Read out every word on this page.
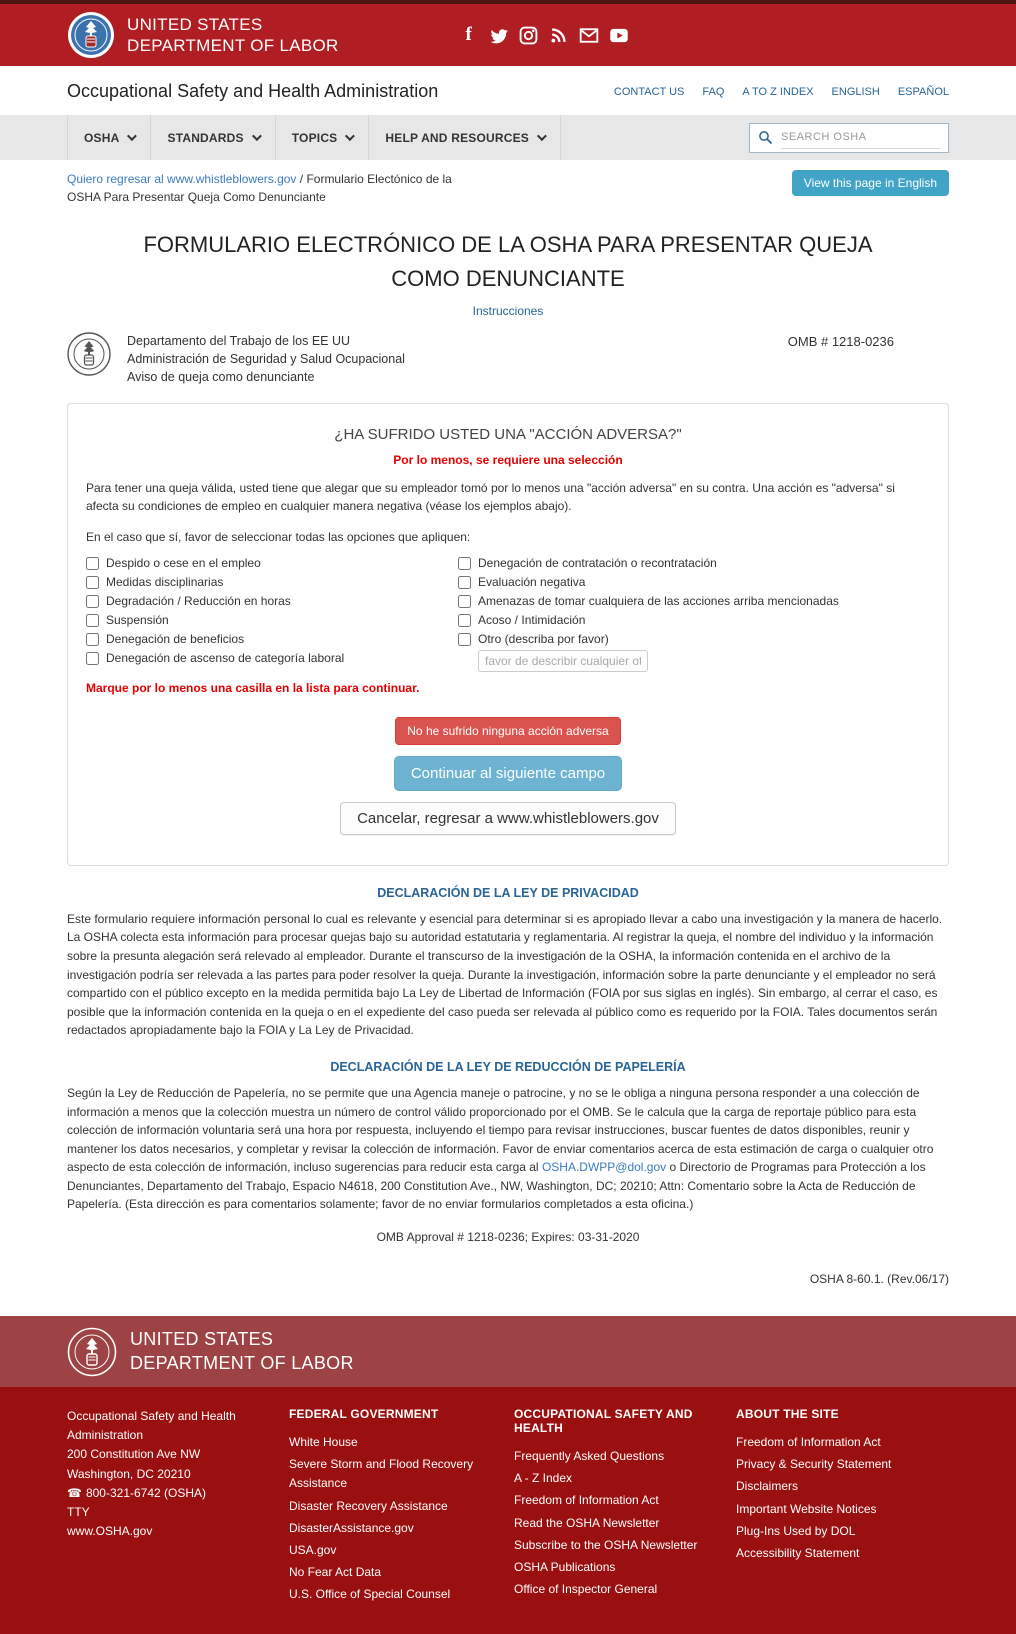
UNITED STATES
DEPARTMENT OF LABOR
f
Occupational Safety and Health Administration	CONTACT US FAQ A TO Z INDEX ENGLISH ESPAÑOL
OSHA	STANDARDS	TOPICS	HELP AND RESOURCES
SEARCH OSHA
Quiero regresar al www.whistleblowers.gov / Formulario Electónico de la OSHA Para Presentar Queja Como Denunciante
View this page in English
FORMULARIO ELECTRÓNICO DE LA OSHA PARA PRESENTAR QUEJA COMO DENUNCIANTE
Instrucciones
Departamento del Trabajo de los EE UU
Administración de Seguridad y Salud Ocupacional
Aviso de queja como denunciante
OMB # 1218-0236
¿HA SUFRIDO USTED UNA "ACCIÓN ADVERSA?"
Por lo menos, se requiere una selección

Para tener una queja válida, usted tiene que alegar que su empleador tomó por lo menos una "acción adversa" en su contra. Una acción es "adversa" si afecta su condiciones de empleo en cualquier manera negativa (véase los ejemplos abajo).

En el caso que sí, favor de seleccionar todas las opciones que apliquen:

Despido o cese en el empleo
Medidas disciplinarias
Degradación / Reducción en horas
Suspensión
Denegación de beneficios
Denegación de ascenso de categoría laboral
Denegación de contratación o recontratación
Evaluación negativa
Amenazas de tomar cualquiera de las acciones arriba mencionadas
Acoso / Intimidación
Otro (describa por favor)
favor de describir cualquier otra a
Marque por lo menos una casilla en la lista para continuar.
No he sufrido ninguna acción adversa
Continuar al siguiente campo
Cancelar, regresar a www.whistleblowers.gov
DECLARACIÓN DE LA LEY DE PRIVACIDAD

Este formulario requiere información personal lo cual es relevante y esencial para determinar si es apropiado llevar a cabo una investigación y la manera de hacerlo. La OSHA colecta esta información para procesar quejas bajo su autoridad estatutaria y reglamentaria. Al registrar la queja, el nombre del individuo y la información sobre la presunta alegación será relevado al empleador. Durante el transcurso de la investigación de la OSHA, la información contenida en el archivo de la investigación podría ser relevada a las partes para poder resolver la queja. Durante la investigación, información sobre la parte denunciante y el empleador no será compartido con el público excepto en la medida permitida bajo La Ley de Libertad de Información (FOIA por sus siglas en inglés). Sin embargo, al cerrar el caso, es posible que la información contenida en la queja o en el expediente del caso pueda ser relevada al público como es requerido por la FOIA. Tales documentos serán redactados apropiadamente bajo la FOIA y La Ley de Privacidad.

DECLARACIÓN DE LA LEY DE REDUCCIÓN DE PAPELERÍA

Según la Ley de Reducción de Papelería, no se permite que una Agencia maneje o patrocine, y no se le obliga a ninguna persona responder a una colección de información a menos que la colección muestra un número de control válido proporcionado por el OMB. Se le calcula que la carga de reportaje público para esta colección de información voluntaria será una hora por respuesta, incluyendo el tiempo para revisar instrucciones, buscar fuentes de datos disponibles, reunir y mantener los datos necesarios, y completar y revisar la colección de información. Favor de enviar comentarios acerca de esta estimación de carga o cualquier otro aspecto de esta colección de información, incluso sugerencias para reducir esta carga al OSHA.DWPP@dol.gov o Directorio de Programas para Protección a los Denunciantes, Departamento del Trabajo, Espacio N4618, 200 Constitution Ave., NW, Washington, DC; 20210; Attn: Comentario sobre la Acta de Reducción de Papelería. (Esta dirección es para comentarios solamente; favor de no enviar formularios completados a esta oficina.)

OMB Approval # 1218-0236; Expires: 03-31-2020

OSHA 8-60.1. (Rev.06/17)

UNITED STATES
DEPARTMENT OF LABOR
Occupational Safety and Health Administration
200 Constitution Ave NW
Washington, DC 20210
☎ 800-321-6742 (OSHA)
TTY
www.OSHA.gov
FEDERAL GOVERNMENT
White House
Severe Storm and Flood Recovery Assistance
Disaster Recovery Assistance
DisasterAssistance.gov
USA.gov
No Fear Act Data
U.S. Office of Special Counsel
OCCUPATIONAL SAFETY AND HEALTH
Frequently Asked Questions
A - Z Index
Freedom of Information Act
Read the OSHA Newsletter
Subscribe to the OSHA Newsletter
OSHA Publications
Office of Inspector General
ABOUT THE SITE
Freedom of Information Act
Privacy & Security Statement
Disclaimers
Important Website Notices
Plug-Ins Used by DOL
Accessibility Statement
